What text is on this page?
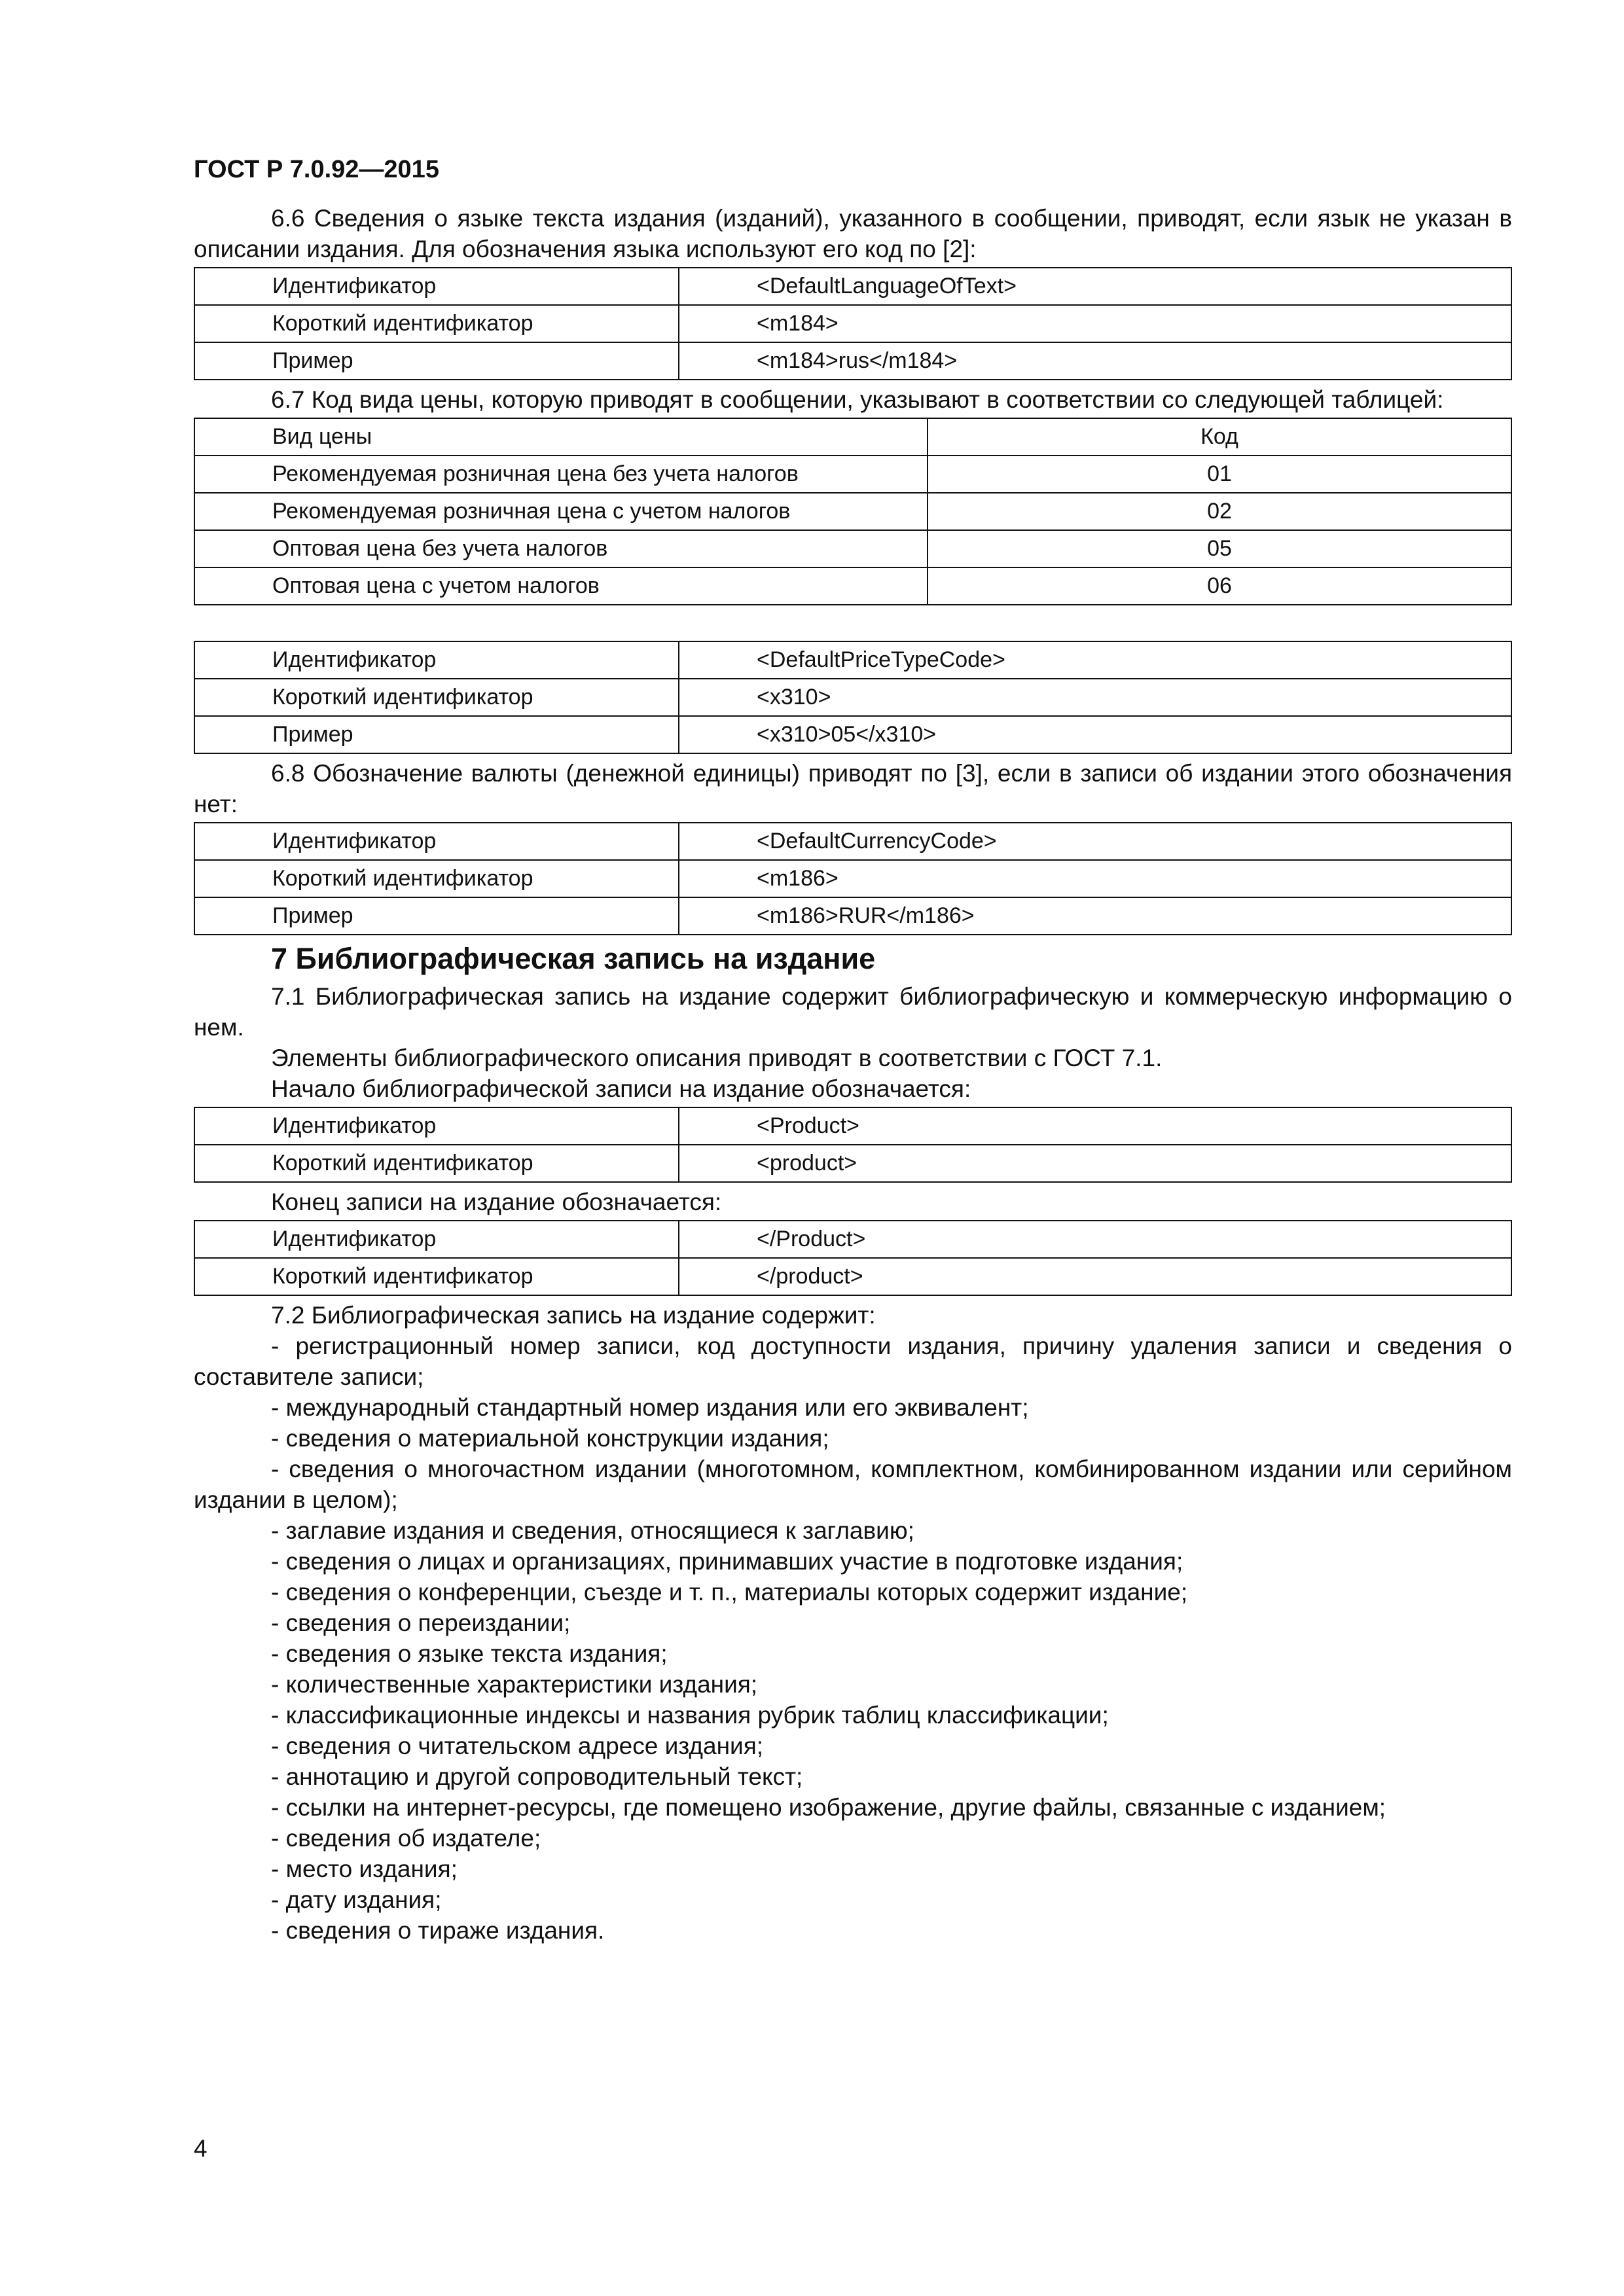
ГОСТ Р 7.0.92—2015

6.6 Сведения о языке текста издания (изданий), указанного в сообщении, приводят, если язык не указан в описании издания. Для обозначения языка используют его код по [2]:

Идентификатор	<DefaultLanguageOfText>
Короткий идентификатор	<m184>
Пример	<m184>rus</m184>

6.7 Код вида цены, которую приводят в сообщении, указывают в соответствии со следующей таблицей:

Вид цены	Код
Рекомендуемая розничная цена без учета налогов	01
Рекомендуемая розничная цена с учетом налогов	02
Оптовая цена без учета налогов	05
Оптовая цена с учетом налогов	06
Идентификатор	<DefaultPriceTypeCode>
Короткий идентификатор	<x310>
Пример	<x310>05</x310>

6.8 Обозначение валюты (денежной единицы) приводят по [3], если в записи об издании этого обозначения нет:

Идентификатор	<DefaultCurrencyCode>
Короткий идентификатор	<m186>
Пример	<m186>RUR</m186>
7 Библиографическая запись на издание

7.1 Библиографическая запись на издание содержит библиографическую и коммерческую информацию о нем.

Элементы библиографического описания приводят в соответствии с ГОСТ 7.1.

Начало библиографической записи на издание обозначается:

Идентификатор	<Product>
Короткий идентификатор	<product>

Конец записи на издание обозначается:

Идентификатор	</Product>
Короткий идентификатор	</product>

7.2 Библиографическая запись на издание содержит:

- регистрационный номер записи, код доступности издания, причину удаления записи и сведения о составителе записи;

- международный стандартный номер издания или его эквивалент;

- сведения о материальной конструкции издания;

- сведения о многочастном издании (многотомном, комплектном, комбинированном издании или серийном издании в целом);

- заглавие издания и сведения, относящиеся к заглавию;

- сведения о лицах и организациях, принимавших участие в подготовке издания;

- сведения о конференции, съезде и т. п., материалы которых содержит издание;

- сведения о переиздании;

- сведения о языке текста издания;

- количественные характеристики издания;

- классификационные индексы и названия рубрик таблиц классификации;

- сведения о читательском адресе издания;

- аннотацию и другой сопроводительный текст;

- ссылки на интернет-ресурсы, где помещено изображение, другие файлы, связанные с изданием;

- сведения об издателе;

- место издания;

- дату издания;

- сведения о тираже издания.

4
